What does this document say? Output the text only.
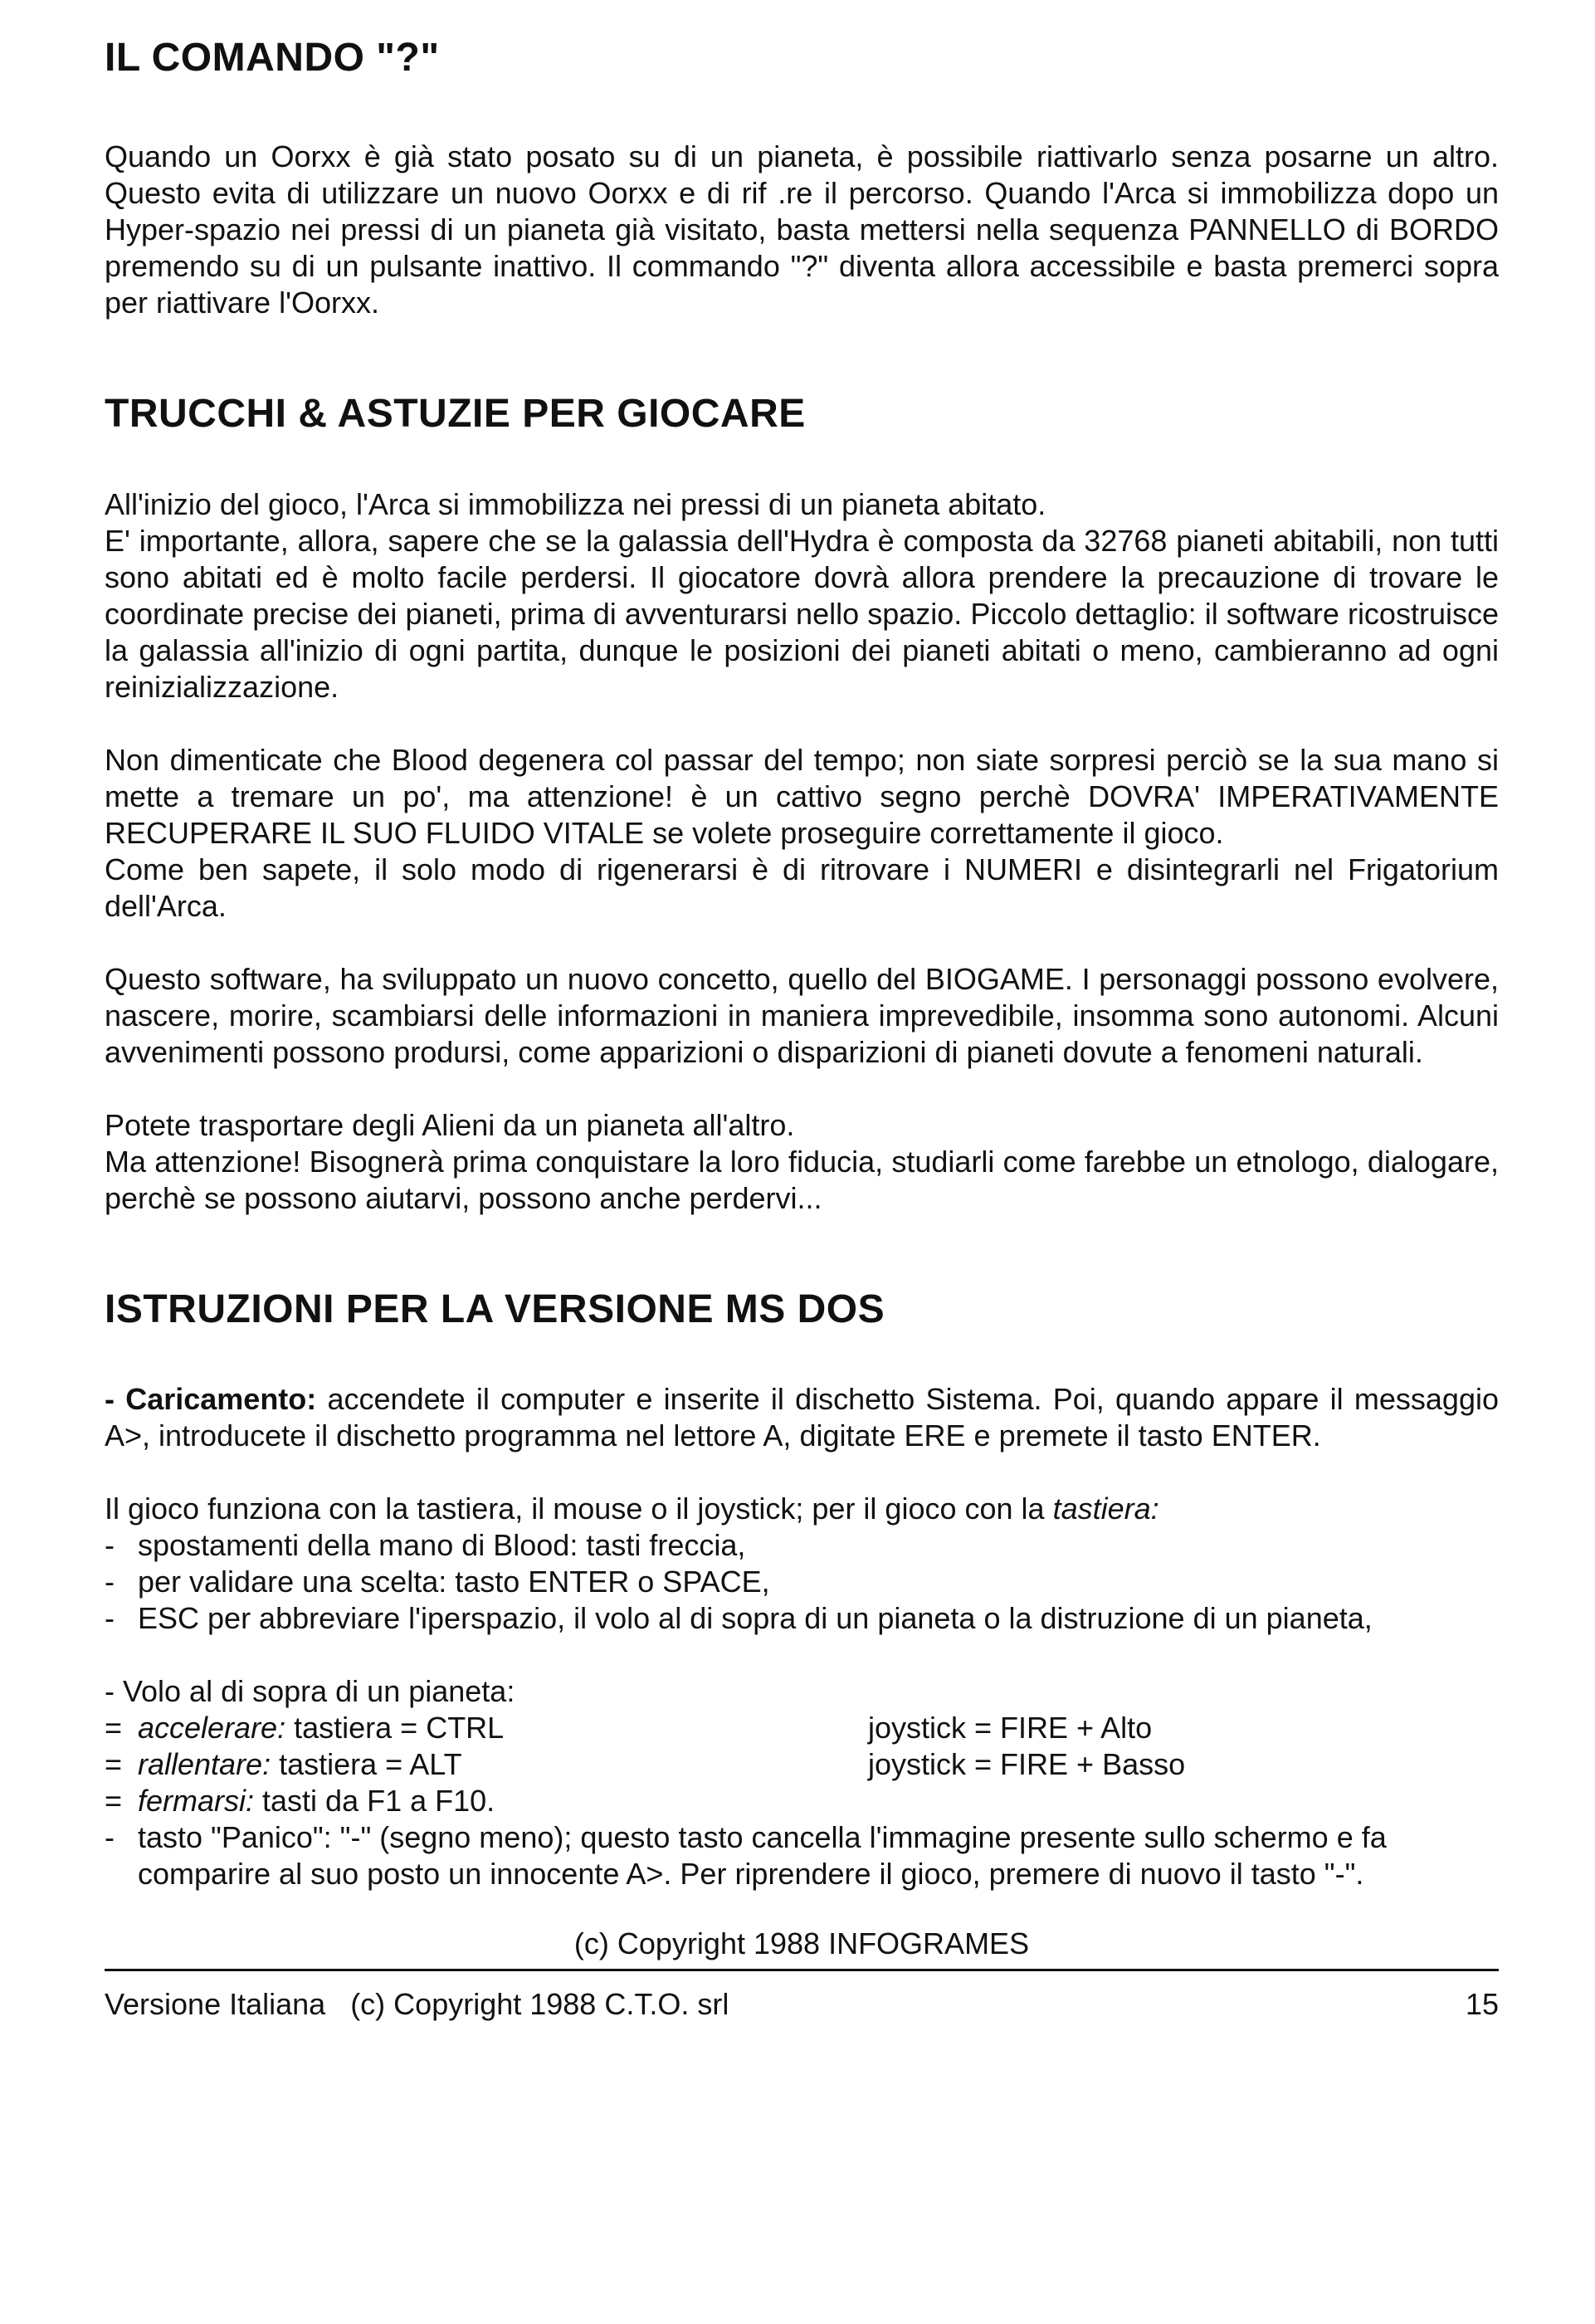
IL COMANDO "?"

Quando un Oorxx è già stato posato su di un pianeta, è possibile riattivarlo senza posarne un altro. Questo evita di utilizzare un nuovo Oorxx e di rif .re il percorso. Quando l'Arca si immobilizza dopo un Hyper-spazio nei pressi di un pianeta già visitato, basta mettersi nella sequenza PANNELLO di BORDO premendo su di un pulsante inattivo. Il commando "?" diventa allora accessibile e basta premerci sopra per riattivare l'Oorxx.

TRUCCHI & ASTUZIE PER GIOCARE

All'inizio del gioco, l'Arca si immobilizza nei pressi di un pianeta abitato.

E' importante, allora, sapere che se la galassia dell'Hydra è composta da 32768 pianeti abitabili, non tutti sono abitati ed è molto facile perdersi. Il giocatore dovrà allora prendere la precauzione di trovare le coordinate precise dei pianeti, prima di avventurarsi nello spazio. Piccolo dettaglio: il software ricostruisce la galassia all'inizio di ogni partita, dunque le posizioni dei pianeti abitati o meno, cambieranno ad ogni reinizializzazione.

Non dimenticate che Blood degenera col passar del tempo; non siate sorpresi perciò se la sua mano si mette a tremare un po', ma attenzione! è un cattivo segno perchè DOVRA' IMPERATIVAMENTE RECUPERARE IL SUO FLUIDO VITALE se volete proseguire correttamente il gioco.

Come ben sapete, il solo modo di rigenerarsi è di ritrovare i NUMERI e disintegrarli nel Frigatorium dell'Arca.

Questo software, ha sviluppato un nuovo concetto, quello del BIOGAME. I personaggi possono evolvere, nascere, morire, scambiarsi delle informazioni in maniera imprevedibile, insomma sono autonomi. Alcuni avvenimenti possono prodursi, come apparizioni o disparizioni di pianeti dovute a fenomeni naturali.

Potete trasportare degli Alieni da un pianeta all'altro.

Ma attenzione! Bisognerà prima conquistare la loro fiducia, studiarli come farebbe un etnologo, dialogare, perchè se possono aiutarvi, possono anche perdervi...

ISTRUZIONI PER LA VERSIONE MS DOS

- Caricamento: accendete il computer e inserite il dischetto Sistema. Poi, quando appare il messaggio A>, introducete il dischetto programma nel lettore A, digitate ERE e premete il tasto ENTER.

Il gioco funziona con la tastiera, il mouse o il joystick; per il gioco con la tastiera:

- spostamenti della mano di Blood: tasti freccia,
- per validare una scelta: tasto ENTER o SPACE,
- ESC per abbreviare l'iperspazio, il volo al di sopra di un pianeta o la distruzione di un pianeta,
- Volo al di sopra di un pianeta:
= accelerare: tastiera = CTRL	joystick = FIRE + Alto
= rallentare: tastiera = ALT	joystick = FIRE + Basso
= fermarsi: tasti da F1 a F10.
- tasto "Panico": "-" (segno meno); questo tasto cancella l'immagine presente sullo schermo e fa comparire al suo posto un innocente A>. Per riprendere il gioco, premere di nuovo il tasto "-".
(c) Copyright 1988 INFOGRAMES
Versione Italiana   (c) Copyright 1988 C.T.O. srl	15
